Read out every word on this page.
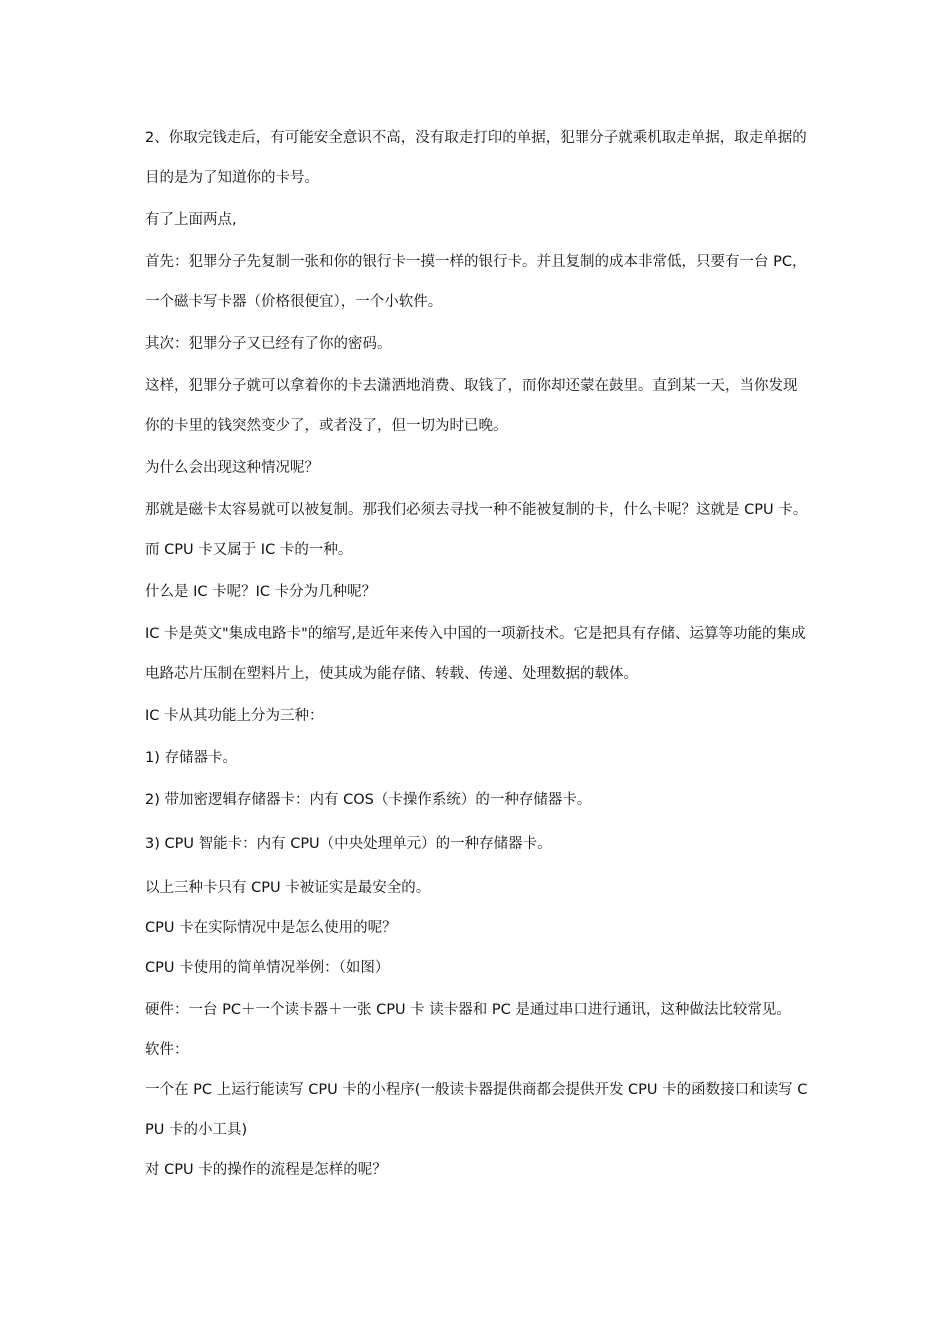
2、你取完钱走后，有可能安全意识不高，没有取走打印的单据，犯罪分子就乘机取走单据，取走单据的目的是为了知道你的卡号。

有了上面两点,

首先：犯罪分子先复制一张和你的银行卡一摸一样的银行卡。并且复制的成本非常低，只要有一台 PC，一个磁卡写卡器（价格很便宜），一个小软件。

其次：犯罪分子又已经有了你的密码。

这样，犯罪分子就可以拿着你的卡去潇洒地消费、取钱了，而你却还蒙在鼓里。直到某一天，当你发现你的卡里的钱突然变少了，或者没了，但一切为时已晚。

为什么会出现这种情况呢？

那就是磁卡太容易就可以被复制。那我们必须去寻找一种不能被复制的卡，什么卡呢？这就是 CPU 卡。而 CPU 卡又属于 IC 卡的一种。

什么是 IC 卡呢？IC 卡分为几种呢？

IC 卡是英文"集成电路卡"的缩写,是近年来传入中国的一项新技术。它是把具有存储、运算等功能的集成电路芯片压制在塑料片上，使其成为能存储、转载、传递、处理数据的载体。

IC 卡从其功能上分为三种：

1) 存储器卡。

2) 带加密逻辑存储器卡：内有 COS（卡操作系统）的一种存储器卡。

3) CPU 智能卡：内有 CPU（中央处理单元）的一种存储器卡。

以上三种卡只有 CPU 卡被证实是最安全的。

CPU 卡在实际情况中是怎么使用的呢？

CPU 卡使用的简单情况举例：（如图）

硬件：一台 PC＋一个读卡器＋一张 CPU 卡 读卡器和 PC 是通过串口进行通讯，这种做法比较常见。

软件：

一个在 PC 上运行能读写 CPU 卡的小程序(一般读卡器提供商都会提供开发 CPU 卡的函数接口和读写 CPU 卡的小工具)

对 CPU 卡的操作的流程是怎样的呢？
